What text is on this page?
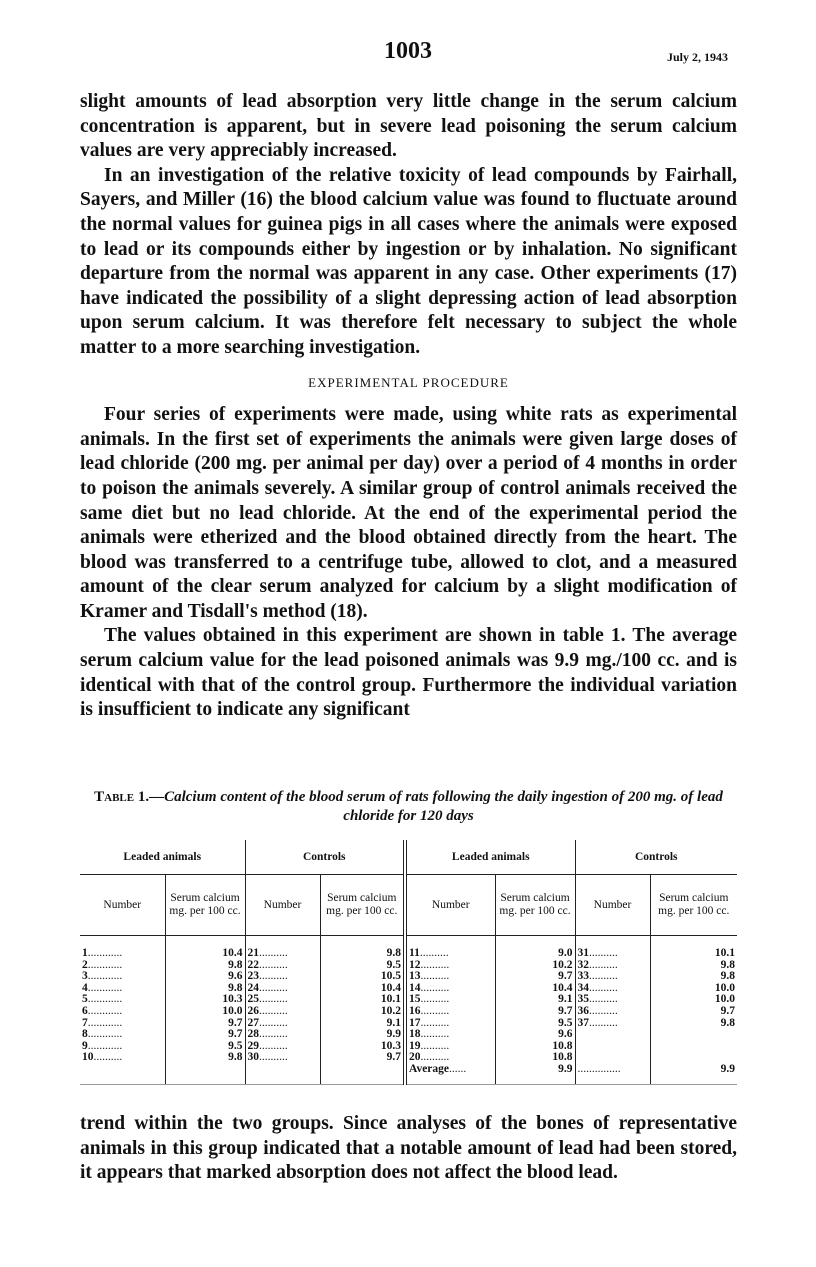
1003	July 2, 1943

slight amounts of lead absorption very little change in the serum calcium concentration is apparent, but in severe lead poisoning the serum calcium values are very appreciably increased.

In an investigation of the relative toxicity of lead compounds by Fairhall, Sayers, and Miller (16) the blood calcium value was found to fluctuate around the normal values for guinea pigs in all cases where the animals were exposed to lead or its compounds either by ingestion or by inhalation. No significant departure from the normal was apparent in any case. Other experiments (17) have indicated the possibility of a slight depressing action of lead absorption upon serum calcium. It was therefore felt necessary to subject the whole matter to a more searching investigation.

EXPERIMENTAL PROCEDURE

Four series of experiments were made, using white rats as experimental animals. In the first set of experiments the animals were given large doses of lead chloride (200 mg. per animal per day) over a period of 4 months in order to poison the animals severely. A similar group of control animals received the same diet but no lead chloride. At the end of the experimental period the animals were etherized and the blood obtained directly from the heart. The blood was transferred to a centrifuge tube, allowed to clot, and a measured amount of the clear serum analyzed for calcium by a slight modification of Kramer and Tisdall's method (18).

The values obtained in this experiment are shown in table 1. The average serum calcium value for the lead poisoned animals was 9.9 mg./100 cc. and is identical with that of the control group. Furthermore the individual variation is insufficient to indicate any significant

Table 1.—Calcium content of the blood serum of rats following the daily ingestion of 200 mg. of lead chloride for 120 days
Leaded animals		Controls		Leaded animals		Controls	
Number	Serum calcium mg. per 100 cc.	Number	Serum calcium mg. per 100 cc.	Number	Serum calcium mg. per 100 cc.	Number	Serum calcium mg. per 100 cc.
1............	10.4	21..........	9.8	11..........	9.0	31..........	10.1
2............	9.8	22..........	9.5	12..........	10.2	32..........	9.8
3............	9.6	23..........	10.5	13..........	9.7	33..........	9.8
4............	9.8	24..........	10.4	14..........	10.4	34..........	10.0
5............	10.3	25..........	10.1	15..........	9.1	35..........	10.0
6............	10.0	26..........	10.2	16..........	9.7	36..........	9.7
7............	9.7	27..........	9.1	17..........	9.5	37..........	9.8
8............	9.7	28..........	9.9	18..........	9.6		
9............	9.5	29..........	10.3	19..........	10.8		
10..........	9.8	30..........	9.7	20..........	10.8		
				Average......	9.9	...............	9.9

trend within the two groups. Since analyses of the bones of representative animals in this group indicated that a notable amount of lead had been stored, it appears that marked absorption does not affect the blood lead.
